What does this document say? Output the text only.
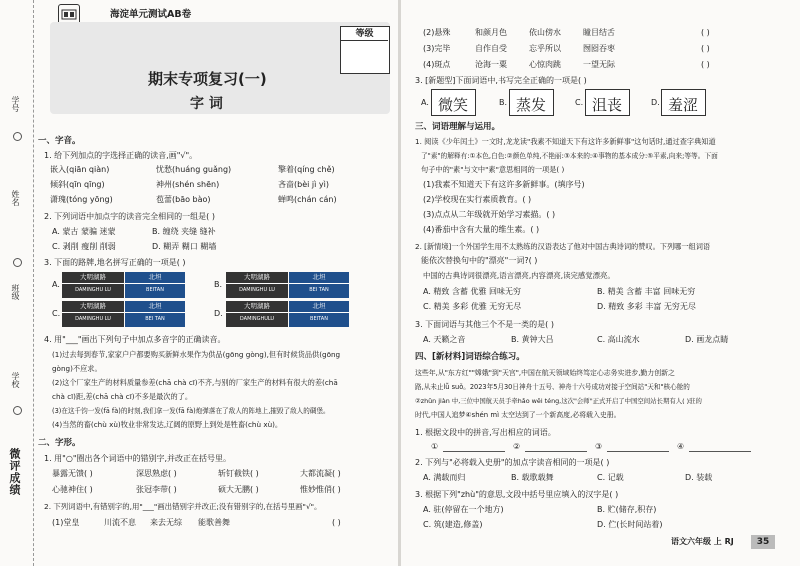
学号
姓名
班级
学校
微评成绩
海淀单元测试AB卷
期末专项复习(一)
字 词
等级
一、字音。
1. 给下列加点的字选择正确的读音,画"√"。
嵌入(qiān qiàn)	忧愁(huáng guǎng)	擎着(qíng chě)
倾斜(qīn qīng)	神州(shén shēn)	吝啬(bèi jì yì)
潇瑰(tóng yōng)	苞蕾(bāo bào)	蝉鸣(chán cán)
2. 下列词语中加点字的读音完全相同的一组是( )
A. 蒙古 蒙骗 迷蒙	B. 缠绕 夹缝 缝补
C. 剥削 瘦削 削弱	D. 糊弄 糊口 糊墙
3. 下面的路牌,地名拼写正确的一项是( )
A.
大明湖路
DAMINGHU LU
北坦
BEITAN
B.
大明湖路
DAMINGHU LU
北坦
BEI TAN
C.
大明湖路
DAMINGHU LU
北坦
BEI TAN
D.
大明湖路
DAMINGHULU
北坦
BEITAN
4. 用"___"画出下列句子中加点多音字的正确读音。
(1)过去每到春节,家家户户都要购买新鲜水果作为供品(gōng gòng),但有时候货品供(gōng
gòng)不应求。
(2)这个厂家生产的材料质量参差(chā chà cī)不齐,与别的厂家生产的材料有很大的差(chā
chà cī)距,差(chā chà cī)不多是最次的了。
(3)在这千钧一发(fā fà)的时刻,我们拿一发(fā fà)炮弹落在了敌人的阵地上,摧毁了敌人的碉堡。
(4)当然的畜(chù xù)牧业非常发达,辽阔的原野上到处是牲畜(chù xù)。
二、字形。
1. 用"○"圈出各个词语中的错别字,并改正在括号里。
暴露无馈( )	深思熟虑( )	斩钉截铁( )	大都流凝( )
心驰神住( )	张冠李带( )	硕大无鹏( )	惟妙惟俏( )
2. 下列词语中,有错别字的,用"___"画出错别字并改正;没有错别字的,在括号里画"√"。
(1)堂皇	川流不息 来去无综 能歌善舞	( )
(2)悬殊	和颜月色	依山傍水	瞳目结舌	( )
(3)完毕	自作自受	忘乎所以	囫囵吞枣	( )
(4)斑点	沧海一粟	心惊肉跳	一望无际	( )
3. [新题型]下面词语中,书写完全正确的一项是( )
A. 微笑	B. 蒸发	C. 沮丧	D. 羞涩
三、词语理解与运用。
1. 阅读《少年闰土》一文时,龙龙读"我素不知道天下有这许多新鲜事"这句话时,通过查字典知道
了"素"的解释有:①本色,白色:②颜色单纯,不艳丽:③本来的:④事物的基本成分:⑤平素,向来;等等。下面
句子中的"素"与文中"素"意思相同的一项是( )
(1)我素不知道天下有这许多新鲜事。(填序号)
(2)学校现在实行素质教育。( )
(3)点点从二年级就开始学习素描。( )
(4)番茄中含有大量的维生素。( )
2. [新情境]一个外国学生用不太熟练的汉语表达了他对中国古典诗词的赞叹。下列哪一组词语
能依次替换句中的"漂亮"一词?( )
中国的古典诗词很漂亮,语言漂亮,内容漂亮,读完感觉漂亮。
A. 精致 含蓄 优雅 回味无穷	B. 精美 含蓄 丰富 回味无穷
C. 精美 多彩 优雅 无穷无尽	D. 精致 多彩 丰富 无穷无尽
3. 下面词语与其他三个不是一类的是( )
A. 天籁之音	B. 黄钟大吕	C. 高山流水	D. 画龙点睛
四、[新材料]词语综合练习。
这些年,从"东方红""嫦娥"到"天宫",中国在航天领域始终笃定心志务实进步,勤力创新之
路,从未止lǚ suǒ。2023年5月30日神舟十五号、神舟十六号成功对接于空间站"天和"核心舱的
②zhǔn jiàn 中,三位中国航天员手牵hǎo wěi téng,这次"会师"正式开启了中国空间站长期有人( )驻的
时代,中国人追梦④shén mì 太空达到了一个新高度,必将载入史册。
1. 根据文段中的拼音,写出相应的词语。
①	②	③	④
2. 下列与"必将载入史册"的加点字读音相同的一项是( )
A. 满载而归	B. 载歌载舞	C. 记载	D. 装载
3. 根据下列"zhù"的意思,文段中括号里应填入的汉字是( )
A. 驻(停留在一个地方)	B. 贮(储存,积存)
C. 筑(建造,修盖)	D. 伫(长时间站着)
语文六年级 上 RJ	35
